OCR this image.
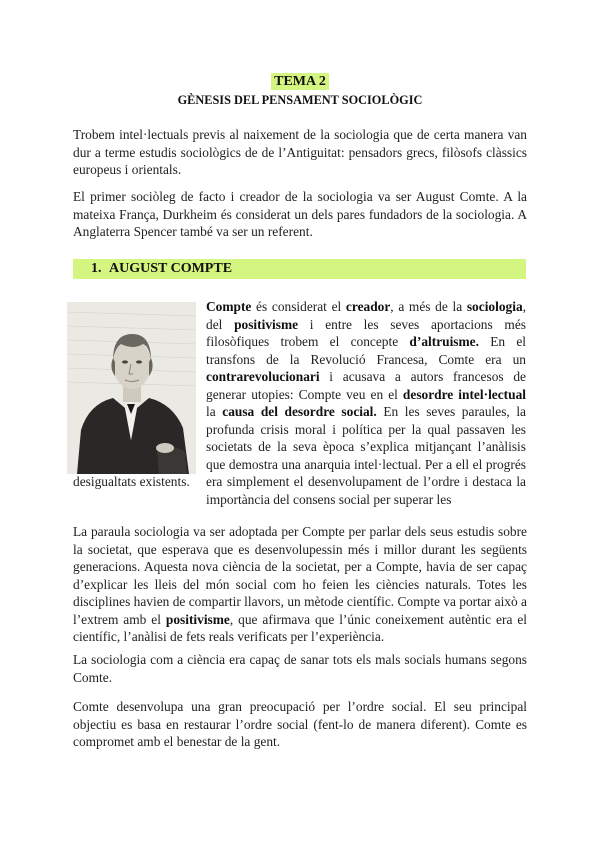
TEMA 2
GÈNESIS DEL PENSAMENT SOCIOLÒGIC

Trobem intel·lectuals previs al naixement de la sociologia que de certa manera van dur a terme estudis sociològics de de l’Antiguitat: pensadors grecs, filòsofs clàssics europeus i orientals.

El primer sociòleg de facto i creador de la sociologia va ser August Comte. A la mateixa França, Durkheim és considerat un dels pares fundadors de la sociologia. A Anglaterra Spencer també va ser un referent.

1. AUGUST COMPTE

Compte és considerat el creador, a més de la sociologia, del positivisme i entre les seves aportacions més filosòfiques trobem el concepte d’altruisme. En el transfons de la Revolució Francesa, Comte era un contrarevolucionari i acusava a autors francesos de generar utopies: Compte veu en el desordre intel·lectual la causa del desordre social. En les seves paraules, la profunda crisis moral i política per la qual passaven les societats de la seva època s’explica mitjançant l’anàlisis que demostra una anarquia intel·lectual. Per a ell el progrés era simplement el desenvolupament de l’ordre i destaca la importància del consens social per superar les

desigualtats existents.

La paraula sociologia va ser adoptada per Compte per parlar dels seus estudis sobre la societat, que esperava que es desenvolupessin més i millor durant les següents generacions. Aquesta nova ciència de la societat, per a Compte, havia de ser capaç d’explicar les lleis del món social com ho feien les ciències naturals. Totes les disciplines havien de compartir llavors, un mètode científic. Compte va portar això a l’extrem amb el positivisme, que afirmava que l’únic coneixement autèntic era el científic, l’anàlisi de fets reals verificats per l’experiència.

La sociologia com a ciència era capaç de sanar tots els mals socials humans segons Comte.

Comte desenvolupa una gran preocupació per l’ordre social. El seu principal objectiu es basa en restaurar l’ordre social (fent-lo de manera diferent). Comte es compromet amb el benestar de la gent.
